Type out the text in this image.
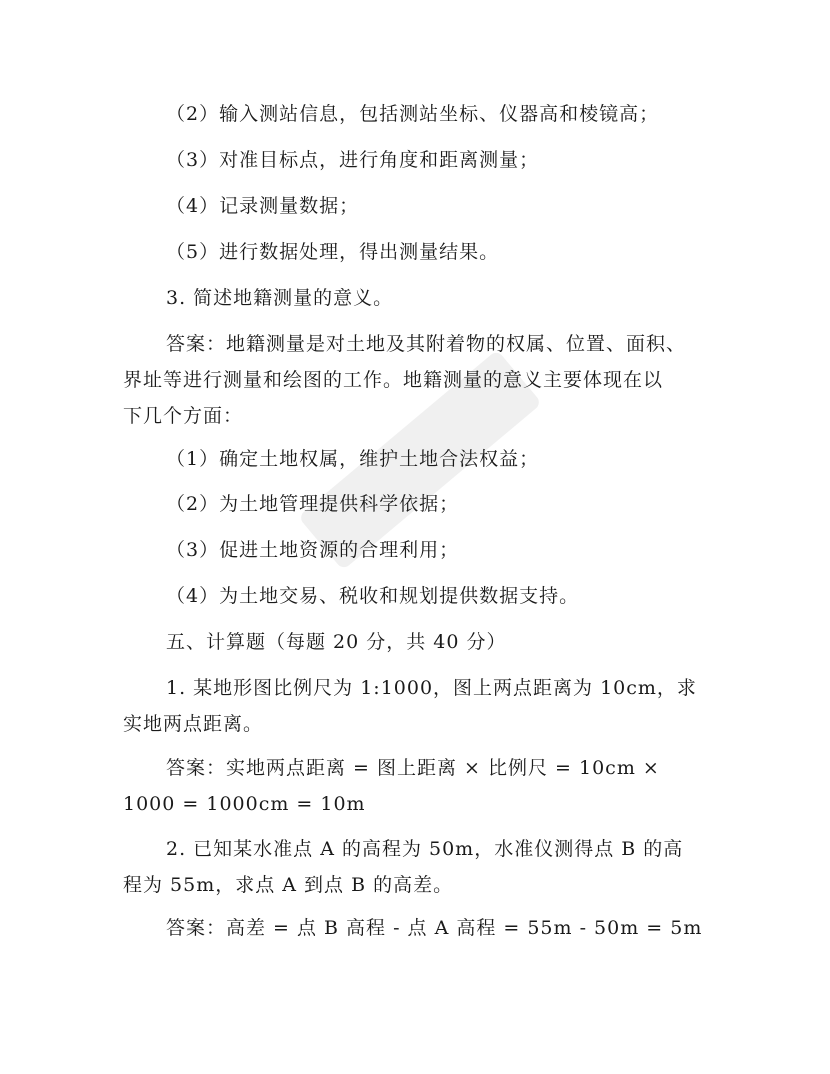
（2）输入测站信息，包括测站坐标、仪器高和棱镜高；
（3）对准目标点，进行角度和距离测量；
（4）记录测量数据；
（5）进行数据处理，得出测量结果。
3. 简述地籍测量的意义。
答案：地籍测量是对土地及其附着物的权属、位置、面积、
界址等进行测量和绘图的工作。地籍测量的意义主要体现在以
下几个方面：
（1）确定土地权属，维护土地合法权益；
（2）为土地管理提供科学依据；
（3）促进土地资源的合理利用；
（4）为土地交易、税收和规划提供数据支持。
五、计算题（每题 20 分，共 40 分）
1. 某地形图比例尺为 1:1000，图上两点距离为 10cm，求
实地两点距离。
答案：实地两点距离 = 图上距离 × 比例尺 = 10cm ×
1000 = 1000cm = 10m
2. 已知某水准点 A 的高程为 50m，水准仪测得点 B 的高
程为 55m，求点 A 到点 B 的高差。
答案：高差 = 点 B 高程 - 点 A 高程 = 55m - 50m = 5m
